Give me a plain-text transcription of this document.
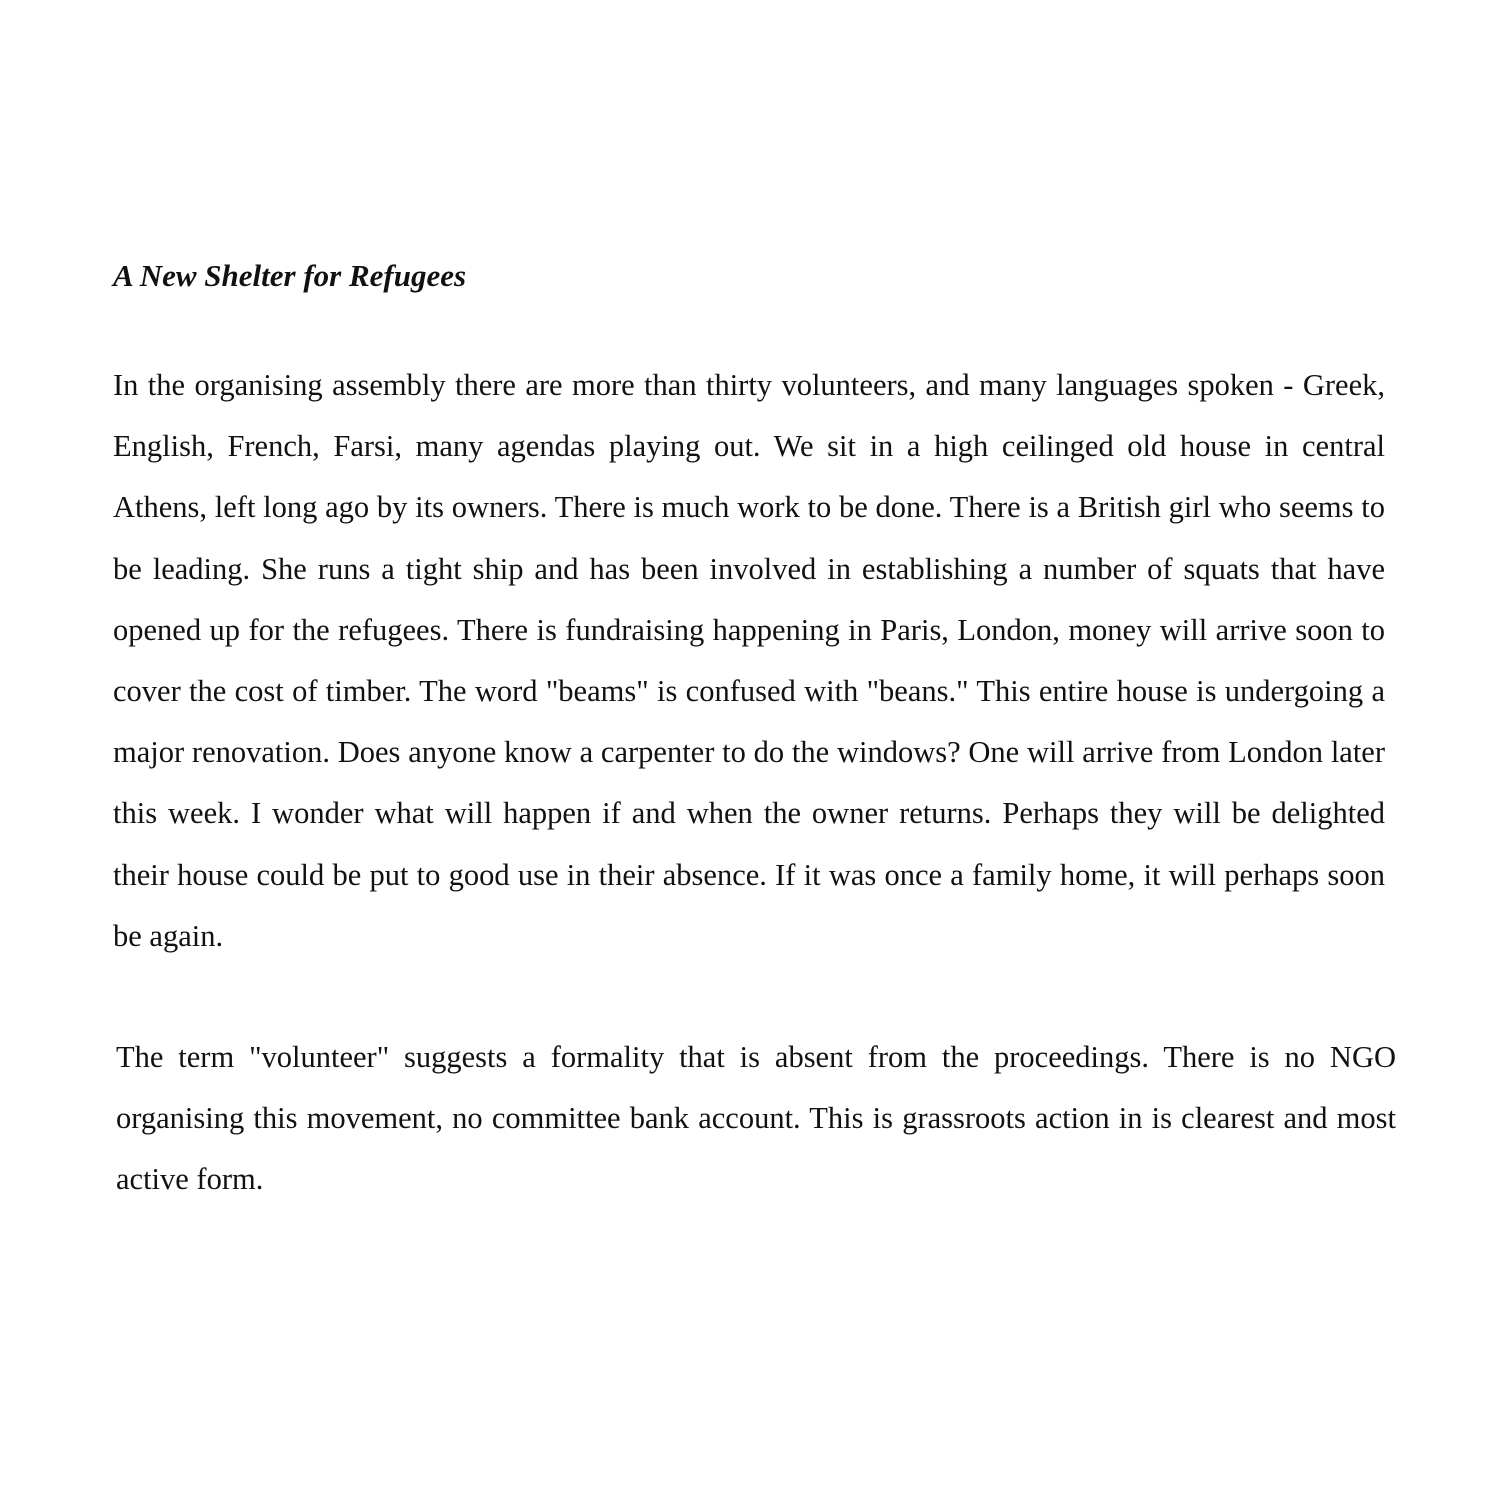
A New Shelter for Refugees

In the organising assembly there are more than thirty volunteers, and many languages spoken - Greek, English, French, Farsi, many agendas playing out. We sit in a high ceilinged old house in central Athens, left long ago by its owners. There is much work to be done. There is a British girl who seems to be leading. She runs a tight ship and has been involved in establishing a number of squats that have opened up for the refugees. There is fundraising happening in Paris, London, money will arrive soon to cover the cost of timber. The word "beams" is confused with "beans." This entire house is undergoing a major renovation. Does anyone know a carpenter to do the windows? One will arrive from London later this week. I wonder what will happen if and when the owner returns. Perhaps they will be delighted their house could be put to good use in their absence. If it was once a family home, it will perhaps soon be again.

The term "volunteer" suggests a formality that is absent from the proceedings. There is no NGO organising this movement, no committee bank account. This is grassroots action in is clearest and most active form.
